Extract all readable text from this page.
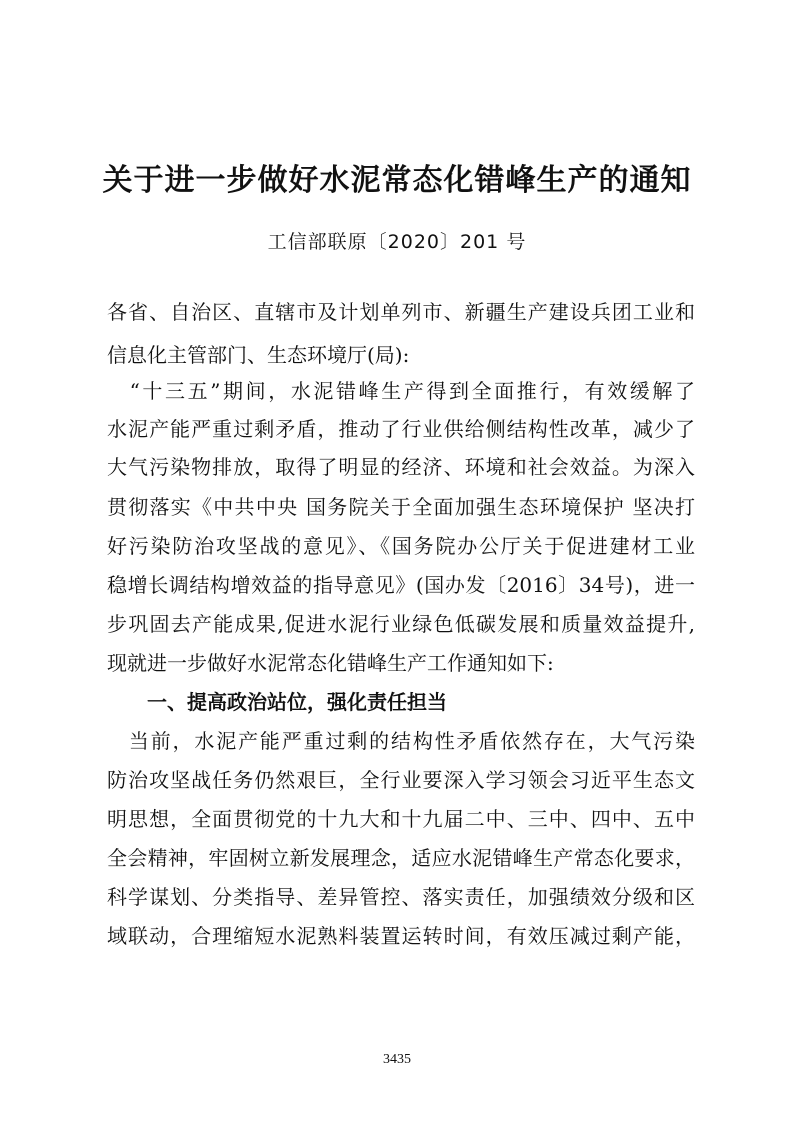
关于进一步做好水泥常态化错峰生产的通知
工信部联原〔2020〕201 号
各省、自治区、直辖市及计划单列市、新疆生产建设兵团工业和
信息化主管部门、生态环境厅(局):
　“十三五”期间，水泥错峰生产得到全面推行，有效缓解了
水泥产能严重过剩矛盾，推动了行业供给侧结构性改革，减少了
大气污染物排放，取得了明显的经济、环境和社会效益。为深入
贯彻落实《中共中央 国务院关于全面加强生态环境保护 坚决打
好污染防治攻坚战的意见》、《国务院办公厅关于促进建材工业
稳增长调结构增效益的指导意见》(国办发〔2016〕34号)，进一
步巩固去产能成果,促进水泥行业绿色低碳发展和质量效益提升,
现就进一步做好水泥常态化错峰生产工作通知如下:
一、提高政治站位，强化责任担当
　当前，水泥产能严重过剩的结构性矛盾依然存在，大气污染
防治攻坚战任务仍然艰巨，全行业要深入学习领会习近平生态文
明思想，全面贯彻党的十九大和十九届二中、三中、四中、五中
全会精神，牢固树立新发展理念，适应水泥错峰生产常态化要求，
科学谋划、分类指导、差异管控、落实责任，加强绩效分级和区
域联动，合理缩短水泥熟料装置运转时间，有效压减过剩产能，
3435
